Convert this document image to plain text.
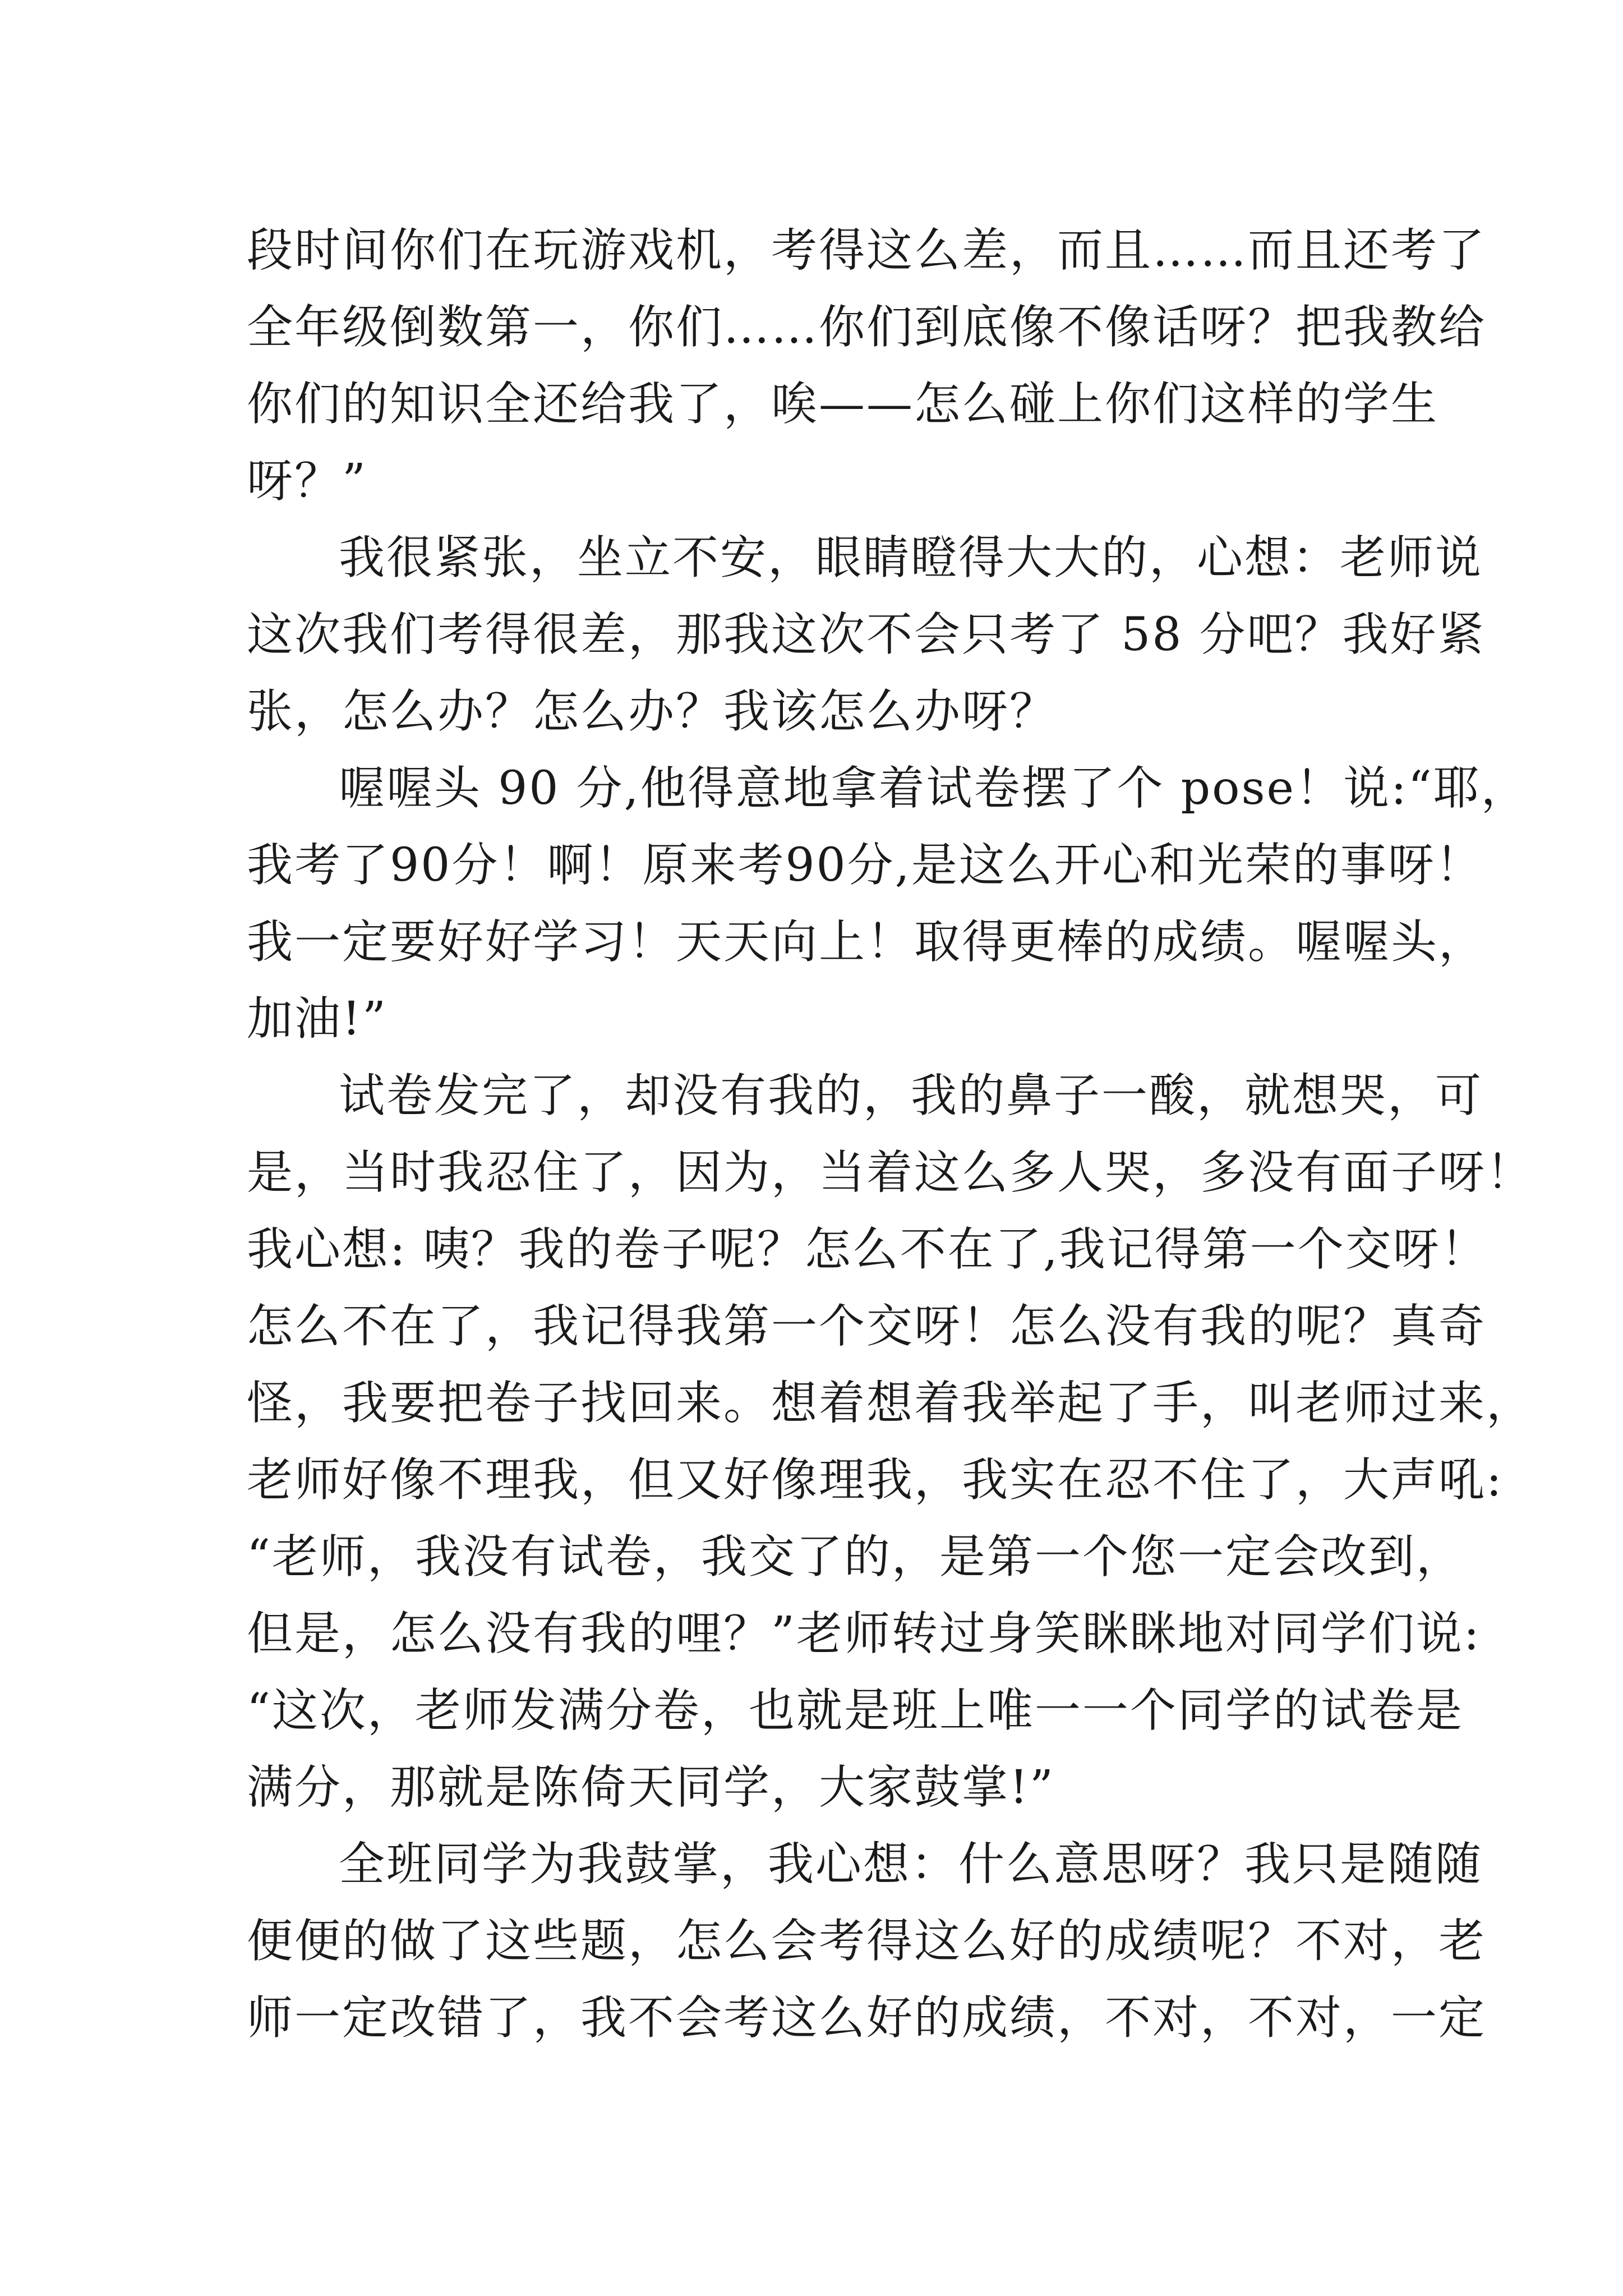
段时间你们在玩游戏机，考得这么差，而且……而且还考了
全年级倒数第一，你们……你们到底像不像话呀？把我教给
你们的知识全还给我了，唉——怎么碰上你们这样的学生
呀？”
我很紧张，坐立不安，眼睛瞪得大大的，心想：老师说
这次我们考得很差，那我这次不会只考了 58 分吧？我好紧
张，怎么办？怎么办？我该怎么办呀？
喔喔头 90 分,他得意地拿着试卷摆了个 pose！说:“耶，
我考了90分！啊！原来考90分,是这么开心和光荣的事呀！
我一定要好好学习！天天向上！取得更棒的成绩。喔喔头，
加油!”
试卷发完了，却没有我的，我的鼻子一酸，就想哭，可
是，当时我忍住了，因为，当着这么多人哭，多没有面子呀！
我心想: 咦？我的卷子呢？怎么不在了,我记得第一个交呀！
怎么不在了，我记得我第一个交呀！怎么没有我的呢？真奇
怪，我要把卷子找回来。想着想着我举起了手，叫老师过来，
老师好像不理我，但又好像理我，我实在忍不住了，大声吼:
“老师，我没有试卷，我交了的，是第一个您一定会改到，
但是，怎么没有我的哩？”老师转过身笑眯眯地对同学们说:
“这次，老师发满分卷，也就是班上唯一一个同学的试卷是
满分，那就是陈倚天同学，大家鼓掌!”
全班同学为我鼓掌，我心想：什么意思呀？我只是随随
便便的做了这些题，怎么会考得这么好的成绩呢？不对，老
师一定改错了，我不会考这么好的成绩，不对，不对，一定
